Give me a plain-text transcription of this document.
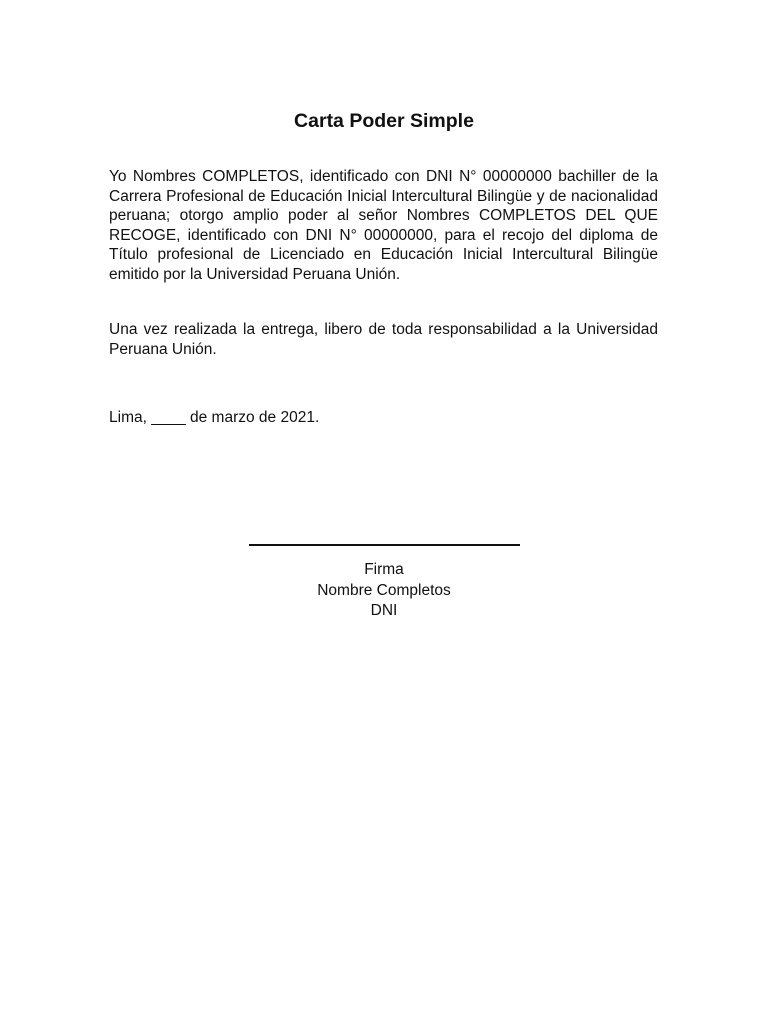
Carta Poder Simple

Yo Nombres COMPLETOS, identificado con DNI N° 00000000 bachiller de la Carrera Profesional de Educación Inicial Intercultural Bilingüe y de nacionalidad peruana; otorgo amplio poder al señor Nombres COMPLETOS DEL QUE RECOGE, identificado con DNI N° 00000000, para el recojo del diploma de Título profesional de Licenciado en Educación Inicial Intercultural Bilingüe emitido por la Universidad Peruana Unión.

Una vez realizada la entrega, libero de toda responsabilidad a la Universidad Peruana Unión.

Lima, ____ de marzo de 2021.
Firma
Nombre Completos
DNI
